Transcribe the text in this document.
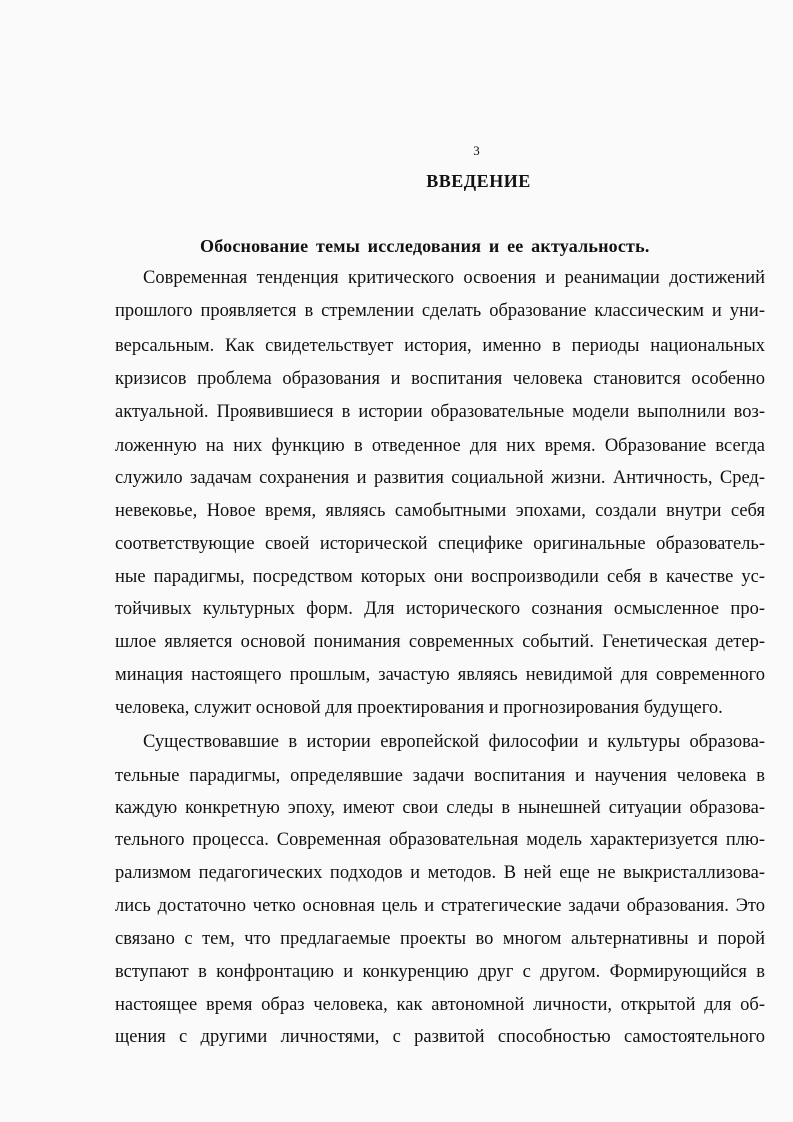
3
ВВЕДЕНИЕ
Обоснование темы исследования и ее актуальность.
Современная тенденция критического освоения и реанимации достижений
прошлого проявляется в стремлении сделать образование классическим и уни-
версальным. Как свидетельствует история, именно в периоды национальных
кризисов проблема образования и воспитания человека становится особенно
актуальной. Проявившиеся в истории образовательные модели выполнили воз-
ложенную на них функцию в отведенное для них время. Образование всегда
служило задачам сохранения и развития социальной жизни. Античность, Сред-
невековье, Новое время, являясь самобытными эпохами, создали внутри себя
соответствующие своей исторической специфике оригинальные образователь-
ные парадигмы, посредством которых они воспроизводили себя в качестве ус-
тойчивых культурных форм. Для исторического сознания осмысленное про-
шлое является основой понимания современных событий. Генетическая детер-
минация настоящего прошлым, зачастую являясь невидимой для современного
человека, служит основой для проектирования и прогнозирования будущего.
Существовавшие в истории европейской философии и культуры образова-
тельные парадигмы, определявшие задачи воспитания и научения человека в
каждую конкретную эпоху, имеют свои следы в нынешней ситуации образова-
тельного процесса. Современная образовательная модель характеризуется плю-
рализмом педагогических подходов и методов. В ней еще не выкристаллизова-
лись достаточно четко основная цель и стратегические задачи образования. Это
связано с тем, что предлагаемые проекты во многом альтернативны и порой
вступают в конфронтацию и конкуренцию друг с другом. Формирующийся в
настоящее время образ человека, как автономной личности, открытой для об-
щения с другими личностями, с развитой способностью самостоятельного
